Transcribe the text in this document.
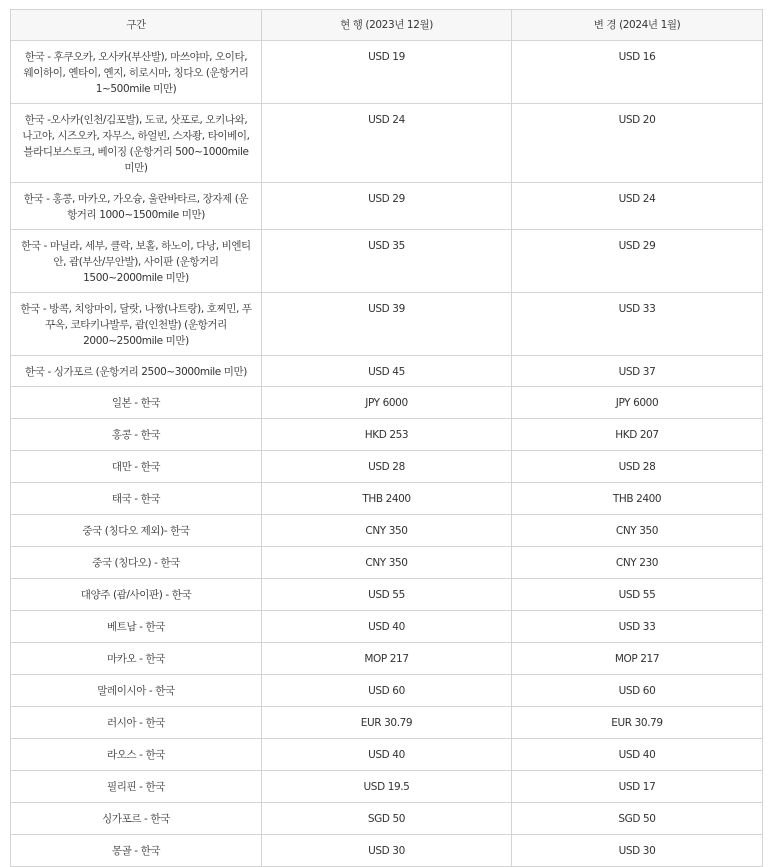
구간	현 행 (2023년 12월)	변 경 (2024년 1월)
한국 - 후쿠오카, 오사카(부산발), 마쓰야마, 오이타, 웨이하이, 옌타이, 옌지, 히로시마, 칭다오 (운항거리 1~500mile 미만)	USD 19	USD 16
한국 -오사카(인천/김포발), 도쿄, 삿포로, 오키나와, 나고야, 시즈오카, 자무스, 하얼빈, 스자좡, 타이베이, 블라디보스토크, 베이징 (운항거리 500~1000mile 미만)	USD 24	USD 20
한국 - 홍콩, 마카오, 가오슝, 울란바타르, 장자제 (운항거리 1000~1500mile 미만)	USD 29	USD 24
한국 - 마닐라, 세부, 클락, 보홀, 하노이, 다낭, 비엔티안, 괌(부산/무안발), 사이판 (운항거리 1500~2000mile 미만)	USD 35	USD 29
한국 - 방콕, 치앙마이, 달랏, 나짱(나트랑), 호찌민, 푸꾸옥, 코타키나발루, 괌(인천발) (운항거리 2000~2500mile 미만)	USD 39	USD 33
한국 - 싱가포르 (운항거리 2500~3000mile 미만)	USD 45	USD 37
일본 - 한국	JPY 6000	JPY 6000
홍콩 - 한국	HKD 253	HKD 207
대만 - 한국	USD 28	USD 28
태국 - 한국	THB 2400	THB 2400
중국 (칭다오 제외)- 한국	CNY 350	CNY 350
중국 (칭다오) - 한국	CNY 350	CNY 230
대양주 (괌/사이판) - 한국	USD 55	USD 55
베트남 - 한국	USD 40	USD 33
마카오 - 한국	MOP 217	MOP 217
말레이시아 - 한국	USD 60	USD 60
러시아 - 한국	EUR 30.79	EUR 30.79
라오스 - 한국	USD 40	USD 40
필리핀 - 한국	USD 19.5	USD 17
싱가포르 - 한국	SGD 50	SGD 50
몽골 - 한국	USD 30	USD 30
